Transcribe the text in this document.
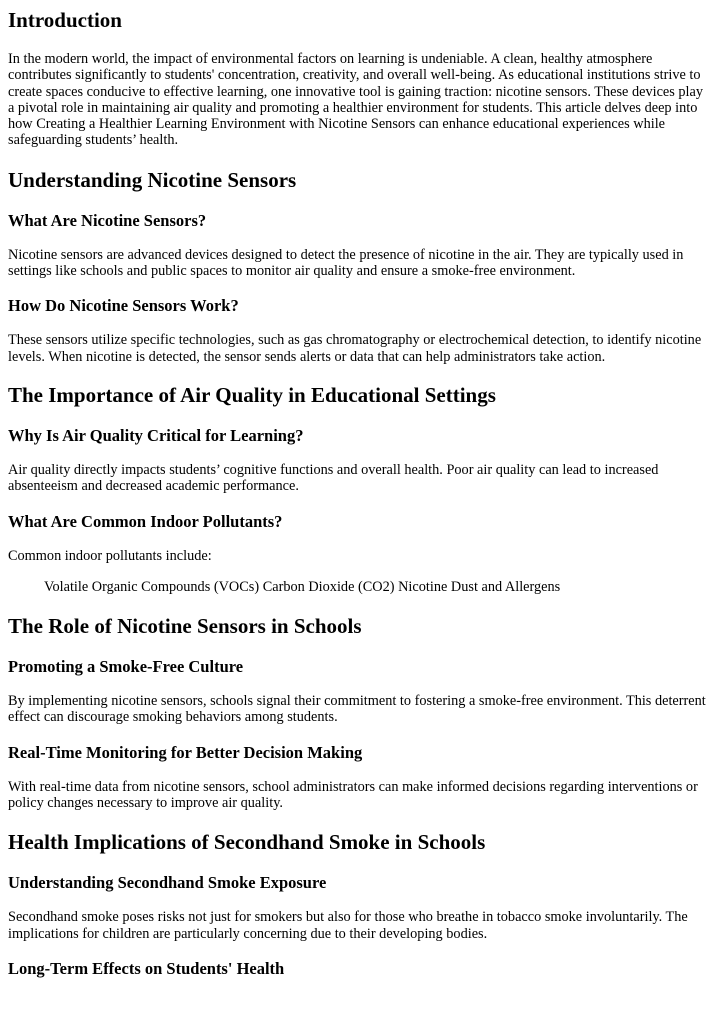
Introduction

In the modern world, the impact of environmental factors on learning is undeniable. A clean, healthy atmosphere contributes significantly to students' concentration, creativity, and overall well-being. As educational institutions strive to create spaces conducive to effective learning, one innovative tool is gaining traction: nicotine sensors. These devices play a pivotal role in maintaining air quality and promoting a healthier environment for students. This article delves deep into how Creating a Healthier Learning Environment with Nicotine Sensors can enhance educational experiences while safeguarding students’ health.

Understanding Nicotine Sensors
What Are Nicotine Sensors?

Nicotine sensors are advanced devices designed to detect the presence of nicotine in the air. They are typically used in settings like schools and public spaces to monitor air quality and ensure a smoke-free environment.

How Do Nicotine Sensors Work?

These sensors utilize specific technologies, such as gas chromatography or electrochemical detection, to identify nicotine levels. When nicotine is detected, the sensor sends alerts or data that can help administrators take action.

The Importance of Air Quality in Educational Settings
Why Is Air Quality Critical for Learning?

Air quality directly impacts students’ cognitive functions and overall health. Poor air quality can lead to increased absenteeism and decreased academic performance.

What Are Common Indoor Pollutants?

Common indoor pollutants include:

Volatile Organic Compounds (VOCs) Carbon Dioxide (CO2) Nicotine Dust and Allergens
The Role of Nicotine Sensors in Schools
Promoting a Smoke-Free Culture

By implementing nicotine sensors, schools signal their commitment to fostering a smoke-free environment. This deterrent effect can discourage smoking behaviors among students.

Real-Time Monitoring for Better Decision Making

With real-time data from nicotine sensors, school administrators can make informed decisions regarding interventions or policy changes necessary to improve air quality.

Health Implications of Secondhand Smoke in Schools
Understanding Secondhand Smoke Exposure

Secondhand smoke poses risks not just for smokers but also for those who breathe in tobacco smoke involuntarily. The implications for children are particularly concerning due to their developing bodies.

Long-Term Effects on Students' Health
